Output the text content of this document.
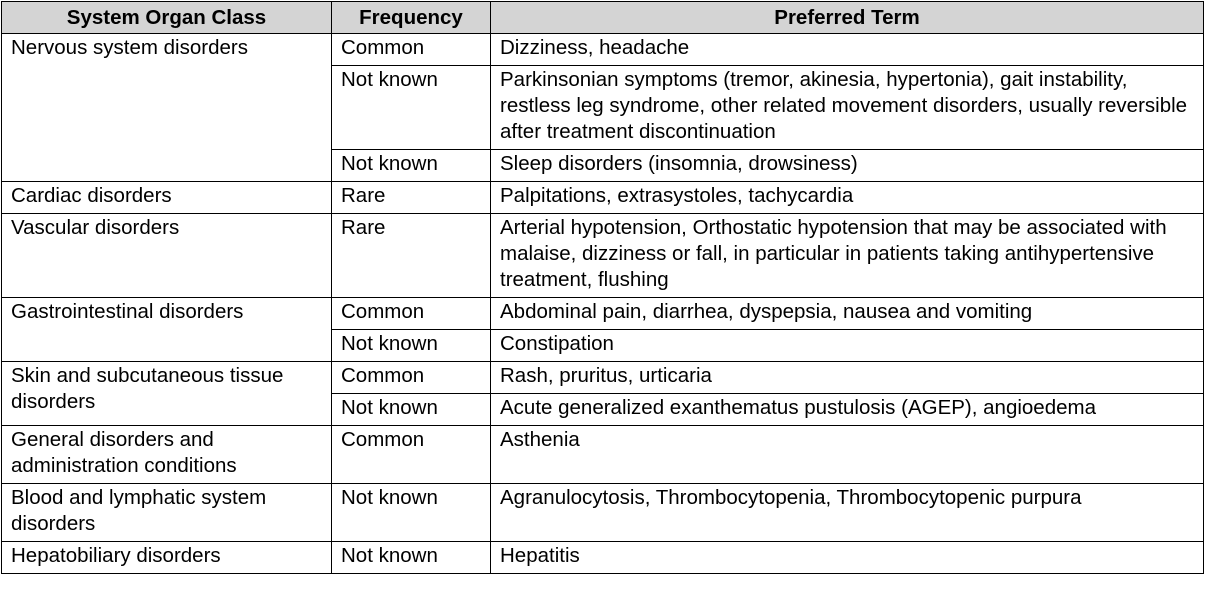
System Organ Class	Frequency	Preferred Term
Nervous system disorders	Common	Dizziness, headache
	Not known	Parkinsonian symptoms (tremor, akinesia, hypertonia), gait instability, restless leg syndrome, other related movement disorders, usually reversible after treatment discontinuation
	Not known	Sleep disorders (insomnia, drowsiness)
Cardiac disorders	Rare	Palpitations, extrasystoles, tachycardia
Vascular disorders	Rare	Arterial hypotension, Orthostatic hypotension that may be associated with malaise, dizziness or fall, in particular in patients taking antihypertensive treatment, flushing
Gastrointestinal disorders	Common	Abdominal pain, diarrhea, dyspepsia, nausea and vomiting
	Not known	Constipation
Skin and subcutaneous tissue disorders	Common	Rash, pruritus, urticaria
	Not known	Acute generalized exanthematus pustulosis (AGEP), angioedema
General disorders and administration conditions	Common	Asthenia
Blood and lymphatic system disorders	Not known	Agranulocytosis, Thrombocytopenia, Thrombocytopenic purpura
Hepatobiliary disorders	Not known	Hepatitis
